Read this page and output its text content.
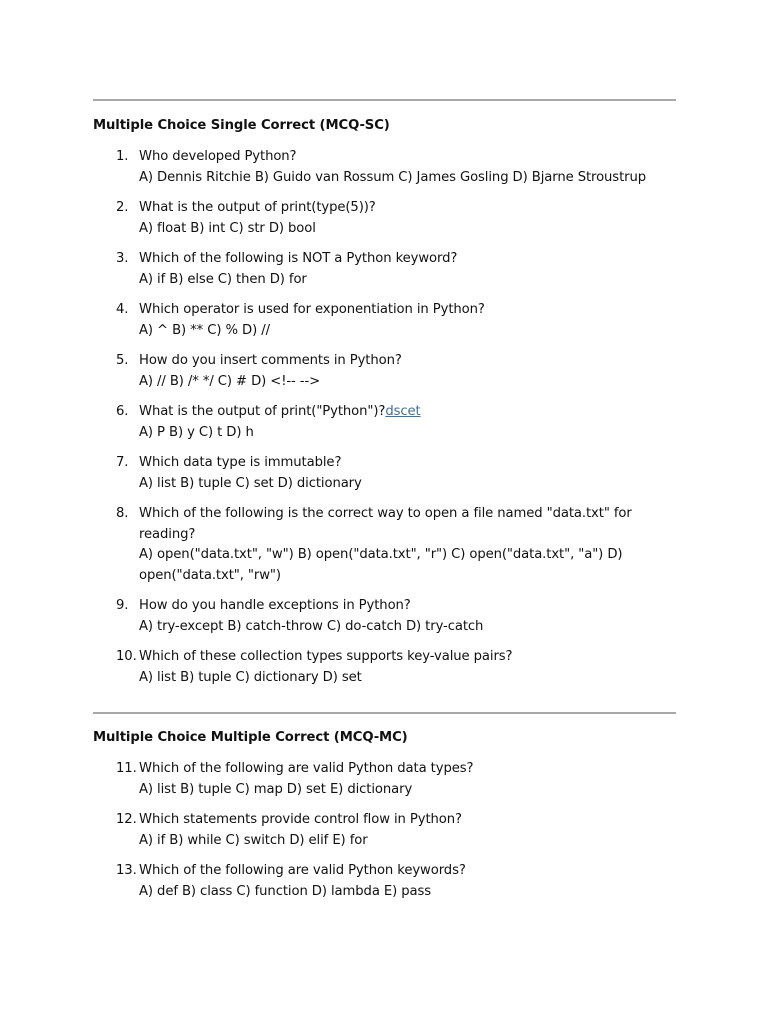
Multiple Choice Single Correct (MCQ-SC)
1. Who developed Python?
A) Dennis Ritchie B) Guido van Rossum C) James Gosling D) Bjarne Stroustrup
2. What is the output of print(type(5))?
A) float B) int C) str D) bool
3. Which of the following is NOT a Python keyword?
A) if B) else C) then D) for
4. Which operator is used for exponentiation in Python?
A) ^ B) ** C) % D) //
5. How do you insert comments in Python?
A) // B) /* */ C) # D) <!-- -->
6. What is the output of print("Python")?dscet
A) P B) y C) t D) h
7. Which data type is immutable?
A) list B) tuple C) set D) dictionary
8. Which of the following is the correct way to open a file named "data.txt" for reading?
A) open("data.txt", "w") B) open("data.txt", "r") C) open("data.txt", "a") D) open("data.txt", "rw")
9. How do you handle exceptions in Python?
A) try-except B) catch-throw C) do-catch D) try-catch
10. Which of these collection types supports key-value pairs?
A) list B) tuple C) dictionary D) set
Multiple Choice Multiple Correct (MCQ-MC)
11. Which of the following are valid Python data types?
A) list B) tuple C) map D) set E) dictionary
12. Which statements provide control flow in Python?
A) if B) while C) switch D) elif E) for
13. Which of the following are valid Python keywords?
A) def B) class C) function D) lambda E) pass
